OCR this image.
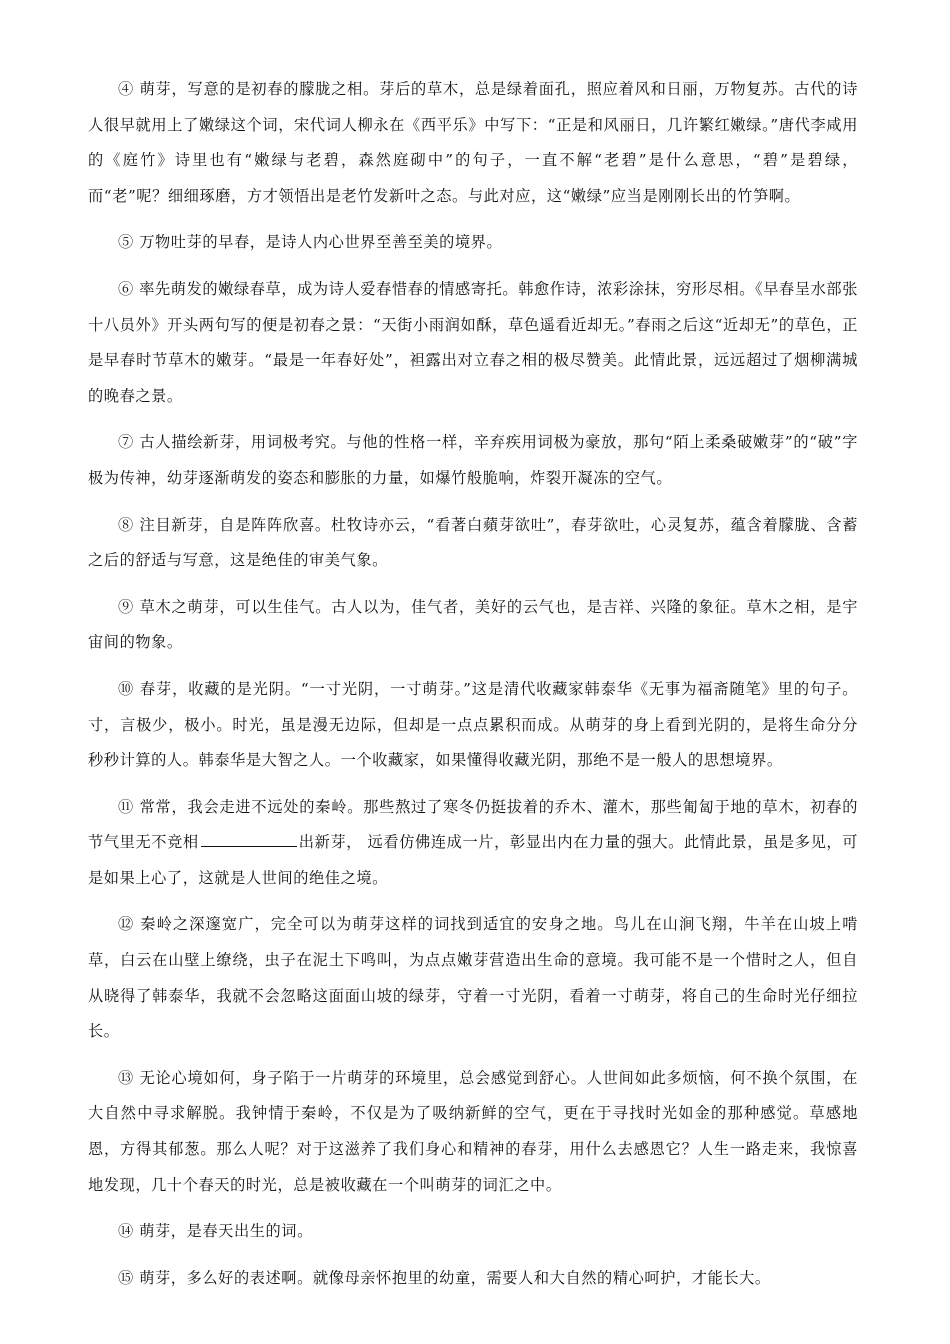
④ 萌芽，写意的是初春的朦胧之相。芽后的草木，总是绿着面孔，照应着风和日丽，万物复苏。古代的诗人很早就用上了嫩绿这个词，宋代词人柳永在《西平乐》中写下：“正是和风丽日，几许繁红嫩绿。”唐代李咸用的《庭竹》诗里也有“嫩绿与老碧，森然庭砌中”的句子，一直不解“老碧”是什么意思，“碧”是碧绿，而“老”呢？细细琢磨，方才领悟出是老竹发新叶之态。与此对应，这“嫩绿”应当是刚刚长出的竹笋啊。

⑤ 万物吐芽的早春，是诗人内心世界至善至美的境界。

⑥ 率先萌发的嫩绿春草，成为诗人爱春惜春的情感寄托。韩愈作诗，浓彩涂抹，穷形尽相。《早春呈水部张十八员外》开头两句写的便是初春之景：“天街小雨润如酥，草色遥看近却无。”春雨之后这“近却无”的草色，正是早春时节草木的嫩芽。“最是一年春好处”，袒露出对立春之相的极尽赞美。此情此景，远远超过了烟柳满城的晚春之景。

⑦ 古人描绘新芽，用词极考究。与他的性格一样，辛弃疾用词极为豪放，那句“陌上柔桑破嫩芽”的“破”字极为传神，幼芽逐渐萌发的姿态和膨胀的力量，如爆竹般脆响，炸裂开凝冻的空气。

⑧ 注目新芽，自是阵阵欣喜。杜牧诗亦云，“看著白蘋芽欲吐”，春芽欲吐，心灵复苏，蕴含着朦胧、含蓄之后的舒适与写意，这是绝佳的审美气象。

⑨ 草木之萌芽，可以生佳气。古人以为，佳气者，美好的云气也，是吉祥、兴隆的象征。草木之相，是宇宙间的物象。

⑩ 春芽，收藏的是光阴。“一寸光阴，一寸萌芽。”这是清代收藏家韩泰华《无事为福斋随笔》里的句子。寸，言极少，极小。时光，虽是漫无边际，但却是一点点累积而成。从萌芽的身上看到光阴的，是将生命分分秒秒计算的人。韩泰华是大智之人。一个收藏家，如果懂得收藏光阴，那绝不是一般人的思想境界。

⑪ 常常，我会走进不远处的秦岭。那些熬过了寒冬仍挺拔着的乔木、灌木，那些匍匐于地的草木，初春的节气里无不竞相	出新芽， 远看仿佛连成一片，彰显出内在力量的强大。此情此景，虽是多见，可是如果上心了，这就是人世间的绝佳之境。

⑫ 秦岭之深邃宽广，完全可以为萌芽这样的词找到适宜的安身之地。鸟儿在山涧飞翔，牛羊在山坡上啃草，白云在山壁上缭绕，虫子在泥土下鸣叫，为点点嫩芽营造出生命的意境。我可能不是一个惜时之人，但自从晓得了韩泰华，我就不会忽略这面面山坡的绿芽，守着一寸光阴，看着一寸萌芽，将自己的生命时光仔细拉长。

⑬ 无论心境如何，身子陷于一片萌芽的环境里，总会感觉到舒心。人世间如此多烦恼，何不换个氛围，在大自然中寻求解脱。我钟情于秦岭，不仅是为了吸纳新鲜的空气，更在于寻找时光如金的那种感觉。草感地恩，方得其郁葱。那么人呢？对于这滋养了我们身心和精神的春芽，用什么去感恩它？人生一路走来，我惊喜地发现，几十个春天的时光，总是被收藏在一个叫萌芽的词汇之中。

⑭ 萌芽，是春天出生的词。

⑮ 萌芽，多么好的表述啊。就像母亲怀抱里的幼童，需要人和大自然的精心呵护，才能长大。
